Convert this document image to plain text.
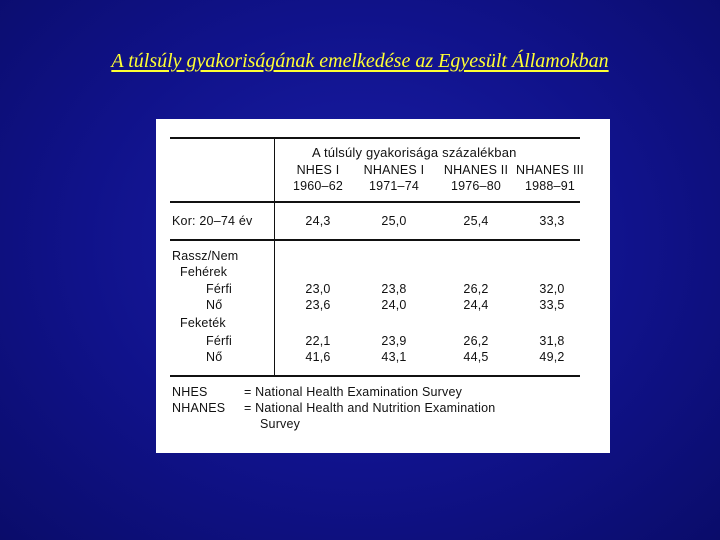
A túlsúly gyakoriságának emelkedése az Egyesült Államokban
A túlsúly gyakorisága százalékban
NHES I	NHANES I	NHANES II NHANES III
1960–62	1971–74	1976–80	1988–91
Kor: 20–74 év	24,3	25,0	25,4	33,3
Rassz/Nem
Fehérek
Férfi	23,0	23,8	26,2	32,0
Nő	23,6	24,0	24,4	33,5
Feketék
Férfi	22,1	23,9	26,2	31,8
Nő	41,6	43,1	44,5	49,2
NHES	= National Health Examination Survey
NHANES = National Health and Nutrition Examination
Survey
